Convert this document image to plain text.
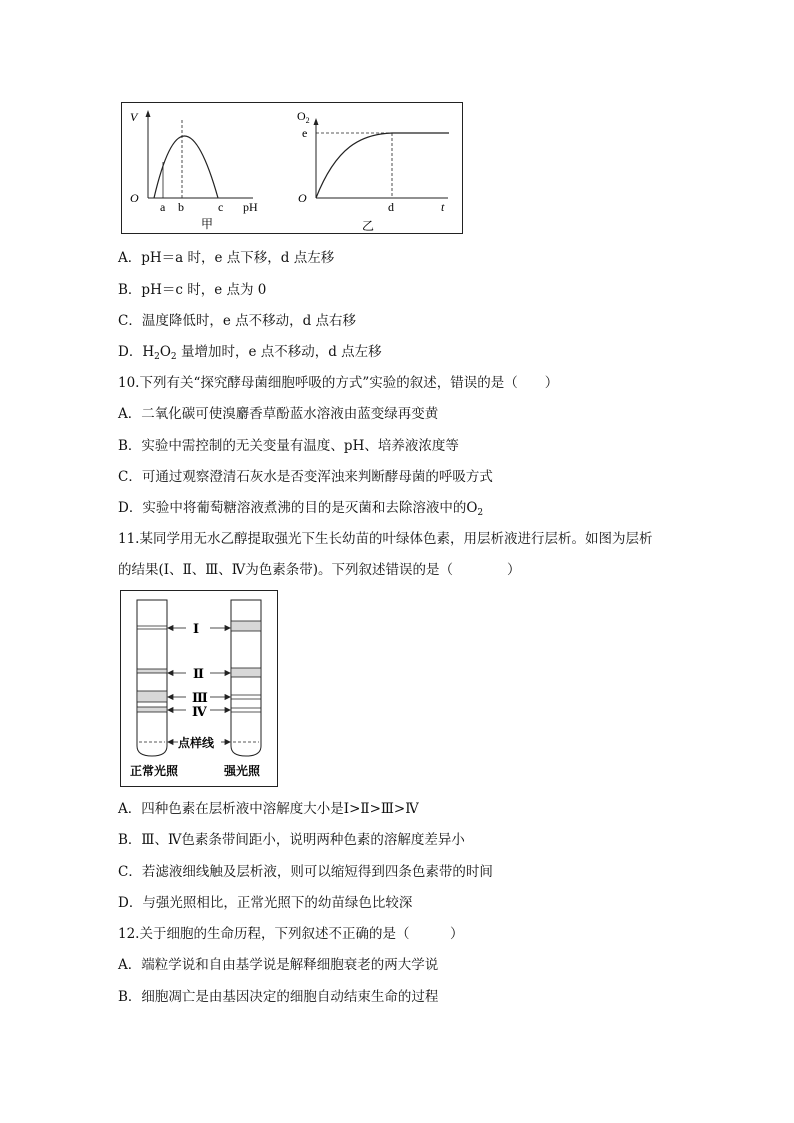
V
O
a b	c pH
甲
$O_2$
e
O
d	t
乙
A．pH＝a 时，e 点下移，d 点左移
B．pH＝c 时，e 点为 0
C．温度降低时，e 点不移动，d 点右移
D．$H_2O_2$ 量增加时，e 点不移动，d 点左移
10.下列有关“探究酵母菌细胞呼吸的方式”实验的叙述，错误的是（　　）
A．二氧化碳可使溴麝香草酚蓝水溶液由蓝变绿再变黄
B．实验中需控制的无关变量有温度、pH、培养液浓度等
C．可通过观察澄清石灰水是否变浑浊来判断酵母菌的呼吸方式
D．实验中将葡萄糖溶液煮沸的目的是灭菌和去除溶液中的$O_2$
11.某同学用无水乙醇提取强光下生长幼苗的叶绿体色素，用层析液进行层析。如图为层析
的结果(Ⅰ、Ⅱ、Ⅲ、Ⅳ为色素条带)。下列叙述错误的是（　　　　）
Ⅰ
Ⅱ
Ⅲ
Ⅳ
点样线
正常光照	强光照
A．四种色素在层析液中溶解度大小是Ⅰ>Ⅱ>Ⅲ>Ⅳ
B．Ⅲ、Ⅳ色素条带间距小，说明两种色素的溶解度差异小
C．若滤液细线触及层析液，则可以缩短得到四条色素带的时间
D．与强光照相比，正常光照下的幼苗绿色比较深
12.关于细胞的生命历程，下列叙述不正确的是（　　　）
A．端粒学说和自由基学说是解释细胞衰老的两大学说
B．细胞凋亡是由基因决定的细胞自动结束生命的过程
